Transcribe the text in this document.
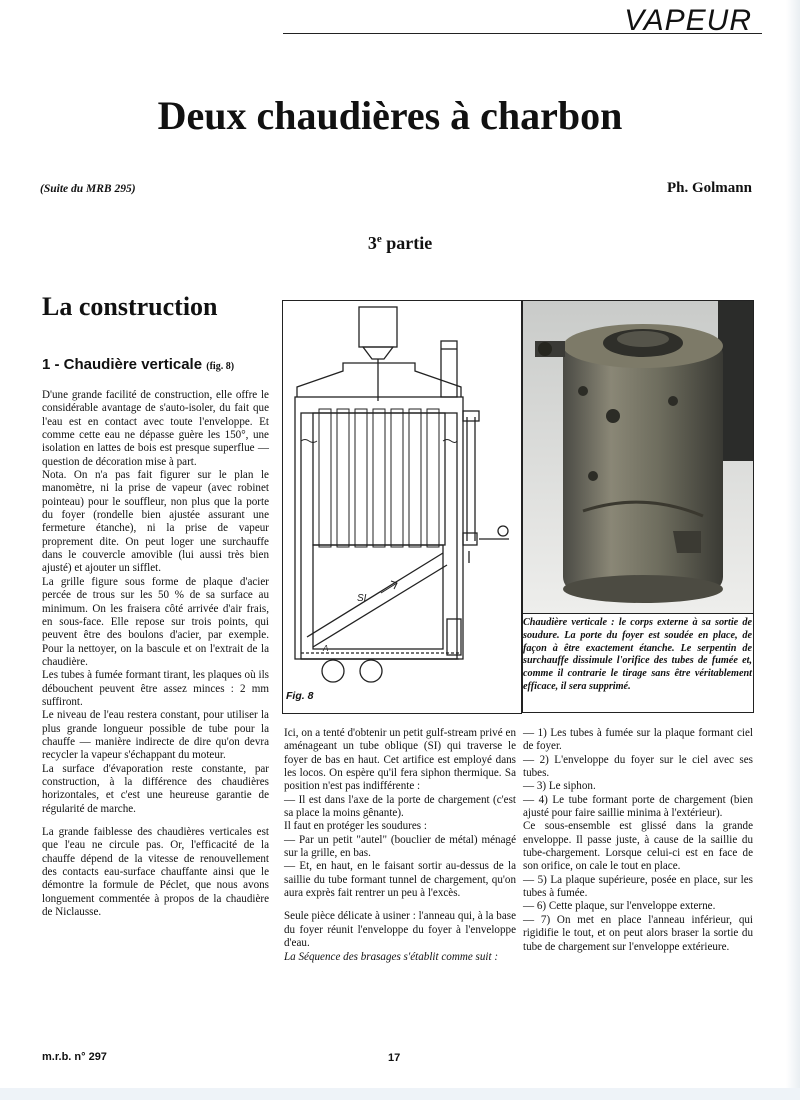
VAPEUR
Deux chaudières à charbon
(Suite du MRB 295)	Ph. Golmann
3e partie
La construction
1 - Chaudière verticale (fig. 8)

D'une grande facilité de construction, elle offre le considérable avantage de s'auto-isoler, du fait que l'eau est en contact avec toute l'enveloppe. Et comme cette eau ne dépasse guère les 150°, une isolation en lattes de bois est presque superflue — question de décoration mise à part.

Nota. On n'a pas fait figurer sur le plan le manomètre, ni la prise de vapeur (avec robinet pointeau) pour le souffleur, non plus que la porte du foyer (rondelle bien ajustée assurant une fermeture étanche), ni la prise de vapeur proprement dite. On peut loger une surchauffe dans le couvercle amovible (lui aussi très bien ajusté) et ajouter un sifflet.

La grille figure sous forme de plaque d'acier percée de trous sur les 50 % de sa surface au minimum. On les fraisera côté arrivée d'air frais, en sous-face. Elle repose sur trois points, qui peuvent être des boulons d'acier, par exemple. Pour la nettoyer, on la bascule et on l'extrait de la chaudière.

Les tubes à fumée formant tirant, les plaques où ils débouchent peuvent être assez minces : 2 mm suffiront.

Le niveau de l'eau restera constant, pour utiliser la plus grande longueur possible de tube pour la chauffe — manière indirecte de dire qu'on devra recycler la vapeur s'échappant du moteur.

La surface d'évaporation reste constante, par construction, à la différence des chaudières horizontales, et c'est une heureuse garantie de régularité de marche.

La grande faiblesse des chaudières verticales est que l'eau ne circule pas. Or, l'efficacité de la chauffe dépend de la vitesse de renouvellement des contacts eau-surface chauffante ainsi que le démontre la formule de Péclet, que nous avons longuement commentée à propos de la chaudière de Niclausse.

SI
A
Fig. 8
Chaudière verticale : le corps externe à sa sortie de soudure. La porte du foyer est soudée en place, de façon à être exactement étanche. Le serpentin de surchauffe dissimule l'orifice des tubes de fumée et, comme il contrarie le tirage sans être véritablement efficace, il sera supprimé.

Ici, on a tenté d'obtenir un petit gulf-stream privé en aménageant un tube oblique (SI) qui traverse le foyer de bas en haut. Cet artifice est employé dans les locos. On espère qu'il fera siphon thermique. Sa position n'est pas indifférente :

— Il est dans l'axe de la porte de chargement (c'est sa place la moins gênante).

Il faut en protéger les soudures :

— Par un petit "autel" (bouclier de métal) ménagé sur la grille, en bas.

— Et, en haut, en le faisant sortir au-dessus de la saillie du tube formant tunnel de chargement, qu'on aura exprès fait rentrer un peu à l'excès.

Seule pièce délicate à usiner : l'anneau qui, à la base du foyer réunit l'enveloppe du foyer à l'enveloppe d'eau.

La Séquence des brasages s'établit comme suit :

— 1) Les tubes à fumée sur la plaque formant ciel de foyer.

— 2) L'enveloppe du foyer sur le ciel avec ses tubes.

— 3) Le siphon.

— 4) Le tube formant porte de chargement (bien ajusté pour faire saillie minima à l'extérieur).

Ce sous-ensemble est glissé dans la grande enveloppe. Il passe juste, à cause de la saillie du tube-chargement. Lorsque celui-ci est en face de son orifice, on cale le tout en place.

— 5) La plaque supérieure, posée en place, sur les tubes à fumée.

— 6) Cette plaque, sur l'enveloppe externe.

— 7) On met en place l'anneau inférieur, qui rigidifie le tout, et on peut alors braser la sortie du tube de chargement sur l'enveloppe extérieure.

m.r.b. n° 297	17
